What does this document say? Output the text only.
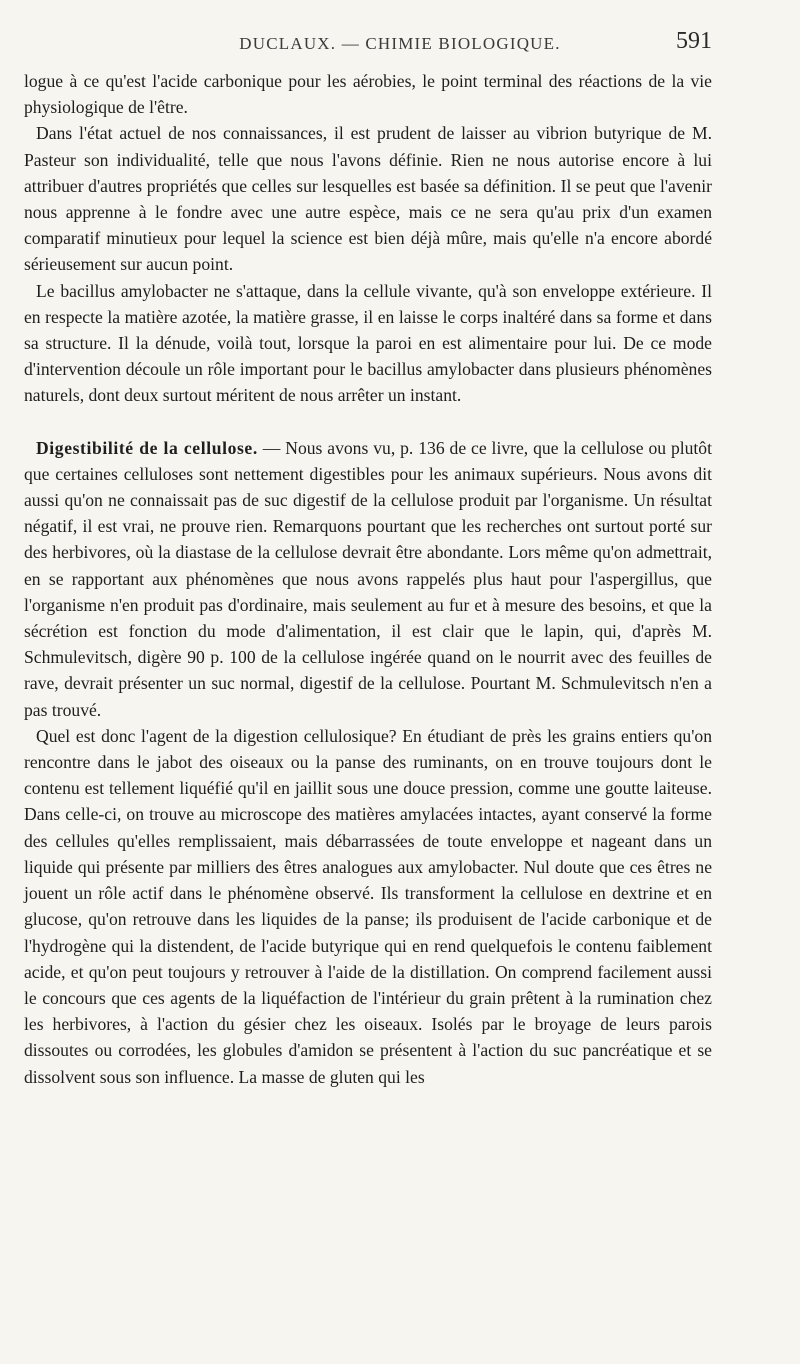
DUCLAUX. — CHIMIE BIOLOGIQUE.	591

logue à ce qu'est l'acide carbonique pour les aérobies, le point terminal des réactions de la vie physiologique de l'être.

Dans l'état actuel de nos connaissances, il est prudent de laisser au vibrion butyrique de M. Pasteur son individualité, telle que nous l'avons définie. Rien ne nous autorise encore à lui attribuer d'autres propriétés que celles sur lesquelles est basée sa définition. Il se peut que l'avenir nous apprenne à le fondre avec une autre espèce, mais ce ne sera qu'au prix d'un examen comparatif minutieux pour lequel la science est bien déjà mûre, mais qu'elle n'a encore abordé sérieusement sur aucun point.

Le bacillus amylobacter ne s'attaque, dans la cellule vivante, qu'à son enveloppe extérieure. Il en respecte la matière azotée, la matière grasse, il en laisse le corps inaltéré dans sa forme et dans sa structure. Il la dénude, voilà tout, lorsque la paroi en est alimentaire pour lui. De ce mode d'intervention découle un rôle important pour le bacillus amylobacter dans plusieurs phénomènes naturels, dont deux surtout méritent de nous arrêter un instant.

Digestibilité de la cellulose. — Nous avons vu, p. 136 de ce livre, que la cellulose ou plutôt que certaines celluloses sont nettement digestibles pour les animaux supérieurs. Nous avons dit aussi qu'on ne connaissait pas de suc digestif de la cellulose produit par l'organisme. Un résultat négatif, il est vrai, ne prouve rien. Remarquons pourtant que les recherches ont surtout porté sur des herbivores, où la diastase de la cellulose devrait être abondante. Lors même qu'on admettrait, en se rapportant aux phénomènes que nous avons rappelés plus haut pour l'aspergillus, que l'organisme n'en produit pas d'ordinaire, mais seulement au fur et à mesure des besoins, et que la sécrétion est fonction du mode d'alimentation, il est clair que le lapin, qui, d'après M. Schmulevitsch, digère 90 p. 100 de la cellulose ingérée quand on le nourrit avec des feuilles de rave, devrait présenter un suc normal, digestif de la cellulose. Pourtant M. Schmulevitsch n'en a pas trouvé.

Quel est donc l'agent de la digestion cellulosique? En étudiant de près les grains entiers qu'on rencontre dans le jabot des oiseaux ou la panse des ruminants, on en trouve toujours dont le contenu est tellement liquéfié qu'il en jaillit sous une douce pression, comme une goutte laiteuse. Dans celle-ci, on trouve au microscope des matières amylacées intactes, ayant conservé la forme des cellules qu'elles remplissaient, mais débarrassées de toute enveloppe et nageant dans un liquide qui présente par milliers des êtres analogues aux amylobacter. Nul doute que ces êtres ne jouent un rôle actif dans le phénomène observé. Ils transforment la cellulose en dextrine et en glucose, qu'on retrouve dans les liquides de la panse; ils produisent de l'acide carbonique et de l'hydrogène qui la distendent, de l'acide butyrique qui en rend quelquefois le contenu faiblement acide, et qu'on peut toujours y retrouver à l'aide de la distillation. On comprend facilement aussi le concours que ces agents de la liquéfaction de l'intérieur du grain prêtent à la rumination chez les herbivores, à l'action du gésier chez les oiseaux. Isolés par le broyage de leurs parois dissoutes ou corrodées, les globules d'amidon se présentent à l'action du suc pancréatique et se dissolvent sous son influence. La masse de gluten qui les
